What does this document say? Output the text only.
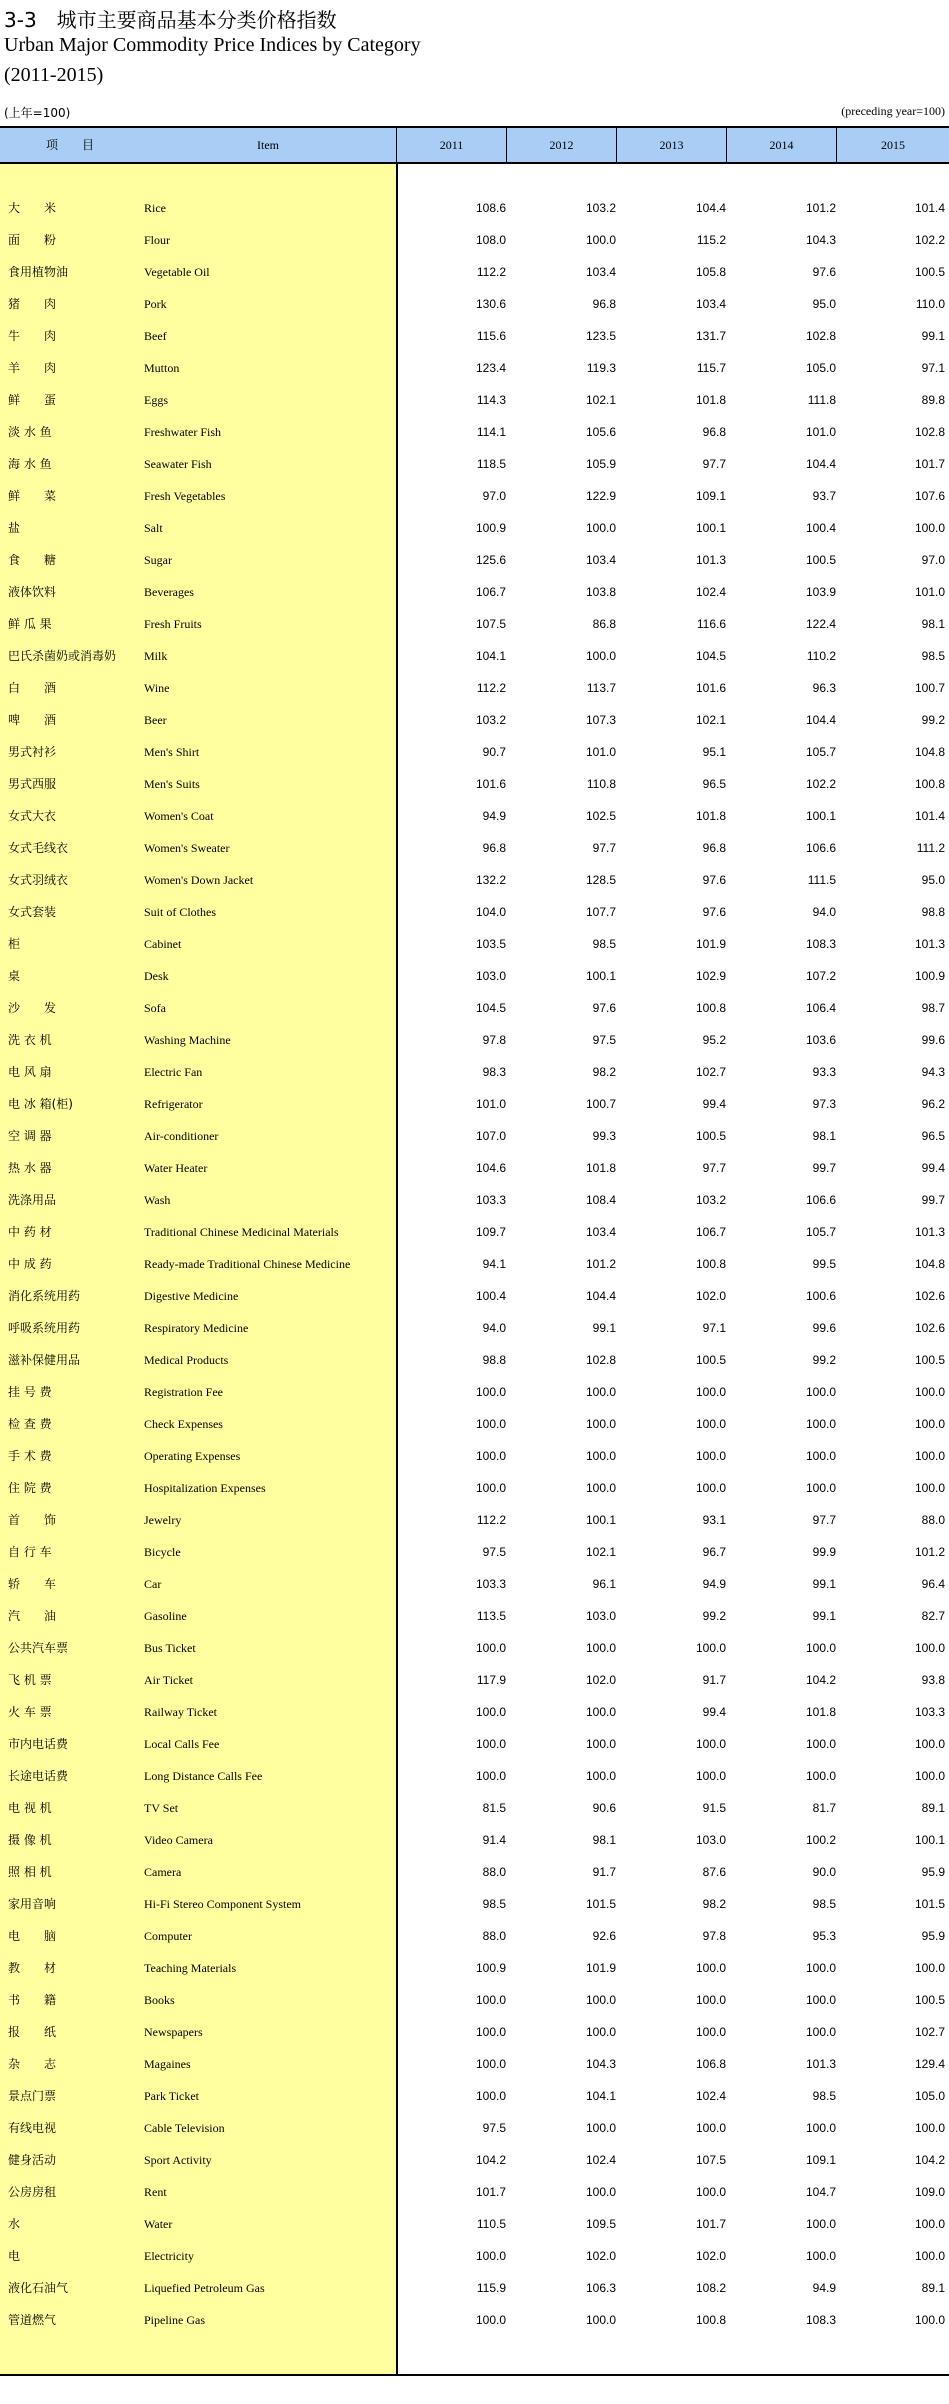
3-3　城市主要商品基本分类价格指数
Urban Major Commodity Price Indices by Category
(2011-2015)
(上年=100)	(preceding year=100)
项　　目	Item	2011	2012	2013	2014	2015
大　　米	Rice	108.6	103.2	104.4	101.2	101.4
面　　粉	Flour	108.0	100.0	115.2	104.3	102.2
食用植物油	Vegetable Oil	112.2	103.4	105.8	97.6	100.5
猪　　肉	Pork	130.6	96.8	103.4	95.0	110.0
牛　　肉	Beef	115.6	123.5	131.7	102.8	99.1
羊　　肉	Mutton	123.4	119.3	115.7	105.0	97.1
鲜　　蛋	Eggs	114.3	102.1	101.8	111.8	89.8
淡 水 鱼	Freshwater Fish	114.1	105.6	96.8	101.0	102.8
海 水 鱼	Seawater Fish	118.5	105.9	97.7	104.4	101.7
鲜　　菜	Fresh Vegetables	97.0	122.9	109.1	93.7	107.6
盐	Salt	100.9	100.0	100.1	100.4	100.0
食　　糖	Sugar	125.6	103.4	101.3	100.5	97.0
液体饮料	Beverages	106.7	103.8	102.4	103.9	101.0
鲜 瓜 果	Fresh Fruits	107.5	86.8	116.6	122.4	98.1
巴氏杀菌奶或消毒奶 Milk	104.1	100.0	104.5	110.2	98.5
白　　酒	Wine	112.2	113.7	101.6	96.3	100.7
啤　　酒	Beer	103.2	107.3	102.1	104.4	99.2
男式衬衫	Men's Shirt	90.7	101.0	95.1	105.7	104.8
男式西服	Men's Suits	101.6	110.8	96.5	102.2	100.8
女式大衣	Women's Coat	94.9	102.5	101.8	100.1	101.4
女式毛线衣	Women's Sweater	96.8	97.7	96.8	106.6	111.2
女式羽绒衣	Women's Down Jacket	132.2	128.5	97.6	111.5	95.0
女式套装	Suit of Clothes	104.0	107.7	97.6	94.0	98.8
柜	Cabinet	103.5	98.5	101.9	108.3	101.3
桌	Desk	103.0	100.1	102.9	107.2	100.9
沙　　发	Sofa	104.5	97.6	100.8	106.4	98.7
洗 衣 机	Washing Machine	97.8	97.5	95.2	103.6	99.6
电 风 扇	Electric Fan	98.3	98.2	102.7	93.3	94.3
电 冰 箱(柜)	Refrigerator	101.0	100.7	99.4	97.3	96.2
空 调 器	Air-conditioner	107.0	99.3	100.5	98.1	96.5
热 水 器	Water Heater	104.6	101.8	97.7	99.7	99.4
洗涤用品	Wash	103.3	108.4	103.2	106.6	99.7
中 药 材	Traditional Chinese Medicinal Materials	109.7	103.4	106.7	105.7	101.3
中 成 药	Ready-made Traditional Chinese Medicine	94.1	101.2	100.8	99.5	104.8
消化系统用药	Digestive Medicine	100.4	104.4	102.0	100.6	102.6
呼吸系统用药	Respiratory Medicine	94.0	99.1	97.1	99.6	102.6
滋补保健用品	Medical Products	98.8	102.8	100.5	99.2	100.5
挂 号 费	Registration Fee	100.0	100.0	100.0	100.0	100.0
检 查 费	Check Expenses	100.0	100.0	100.0	100.0	100.0
手 术 费	Operating Expenses	100.0	100.0	100.0	100.0	100.0
住 院 费	Hospitalization Expenses	100.0	100.0	100.0	100.0	100.0
首　　饰	Jewelry	112.2	100.1	93.1	97.7	88.0
自 行 车	Bicycle	97.5	102.1	96.7	99.9	101.2
轿　　车	Car	103.3	96.1	94.9	99.1	96.4
汽　　油	Gasoline	113.5	103.0	99.2	99.1	82.7
公共汽车票	Bus Ticket	100.0	100.0	100.0	100.0	100.0
飞 机 票	Air Ticket	117.9	102.0	91.7	104.2	93.8
火 车 票	Railway Ticket	100.0	100.0	99.4	101.8	103.3
市内电话费	Local Calls Fee	100.0	100.0	100.0	100.0	100.0
长途电话费	Long Distance Calls Fee	100.0	100.0	100.0	100.0	100.0
电 视 机	TV Set	81.5	90.6	91.5	81.7	89.1
摄 像 机	Video Camera	91.4	98.1	103.0	100.2	100.1
照 相 机	Camera	88.0	91.7	87.6	90.0	95.9
家用音响	Hi-Fi Stereo Component System	98.5	101.5	98.2	98.5	101.5
电　　脑	Computer	88.0	92.6	97.8	95.3	95.9
教　　材	Teaching Materials	100.9	101.9	100.0	100.0	100.0
书　　籍	Books	100.0	100.0	100.0	100.0	100.5
报　　纸	Newspapers	100.0	100.0	100.0	100.0	102.7
杂　　志	Magaines	100.0	104.3	106.8	101.3	129.4
景点门票	Park Ticket	100.0	104.1	102.4	98.5	105.0
有线电视	Cable Television	97.5	100.0	100.0	100.0	100.0
健身活动	Sport Activity	104.2	102.4	107.5	109.1	104.2
公房房租	Rent	101.7	100.0	100.0	104.7	109.0
水	Water	110.5	109.5	101.7	100.0	100.0
电	Electricity	100.0	102.0	102.0	100.0	100.0
液化石油气	Liquefied Petroleum Gas	115.9	106.3	108.2	94.9	89.1
管道燃气	Pipeline Gas	100.0	100.0	100.8	108.3	100.0
